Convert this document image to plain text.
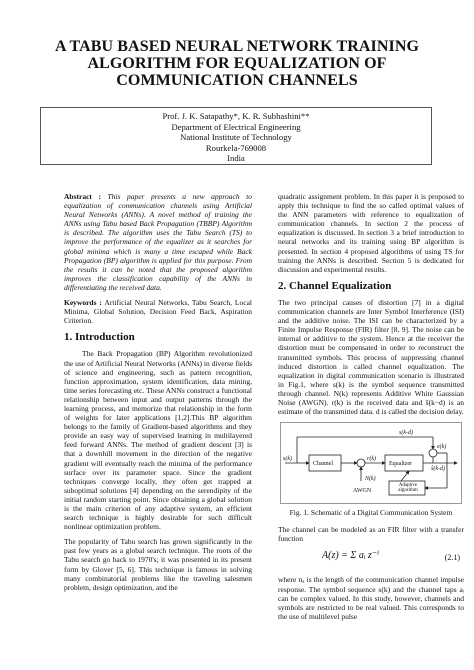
A TABU BASED NEURAL NETWORK TRAINING ALGORITHM FOR EQUALIZATION OF COMMUNICATION CHANNELS
Prof. J. K. Satapathy*, K. R. Subhashini**
Department of Electrical Engineering
National Institute of Technology
Rourkela-769008
India

Abstract : This paper presents a new approach to equalization of communication channels using Artificial Neural Networks (ANNs). A novel method of training the ANNs using Tabu based Back Propagation (TBBP) Algorithm is described. The algorithm uses the Tabu Search (TS) to improve the performance of the equalizer as it searches for global minima which is many a time escaped while Back Propagation (BP) algorithm is applied for this purpose. From the results it can be noted that the proposed algorithm improves the classification capability of the ANNs in differentiating the received data.

Keywords : Artificial Neural Networks, Tabu Search, Local Minima, Global Solution, Decision Feed Back, Aspiration Criterion.

1. Introduction

The Back Propagation (BP) Algorithm revolutionized the use of Artificial Neural Networks (ANNs) in diverse fields of science and engineering, such as pattern recognition, function approximation, system identification, data mining, time series forecasting etc. These ANNs construct a functional relationship between input and output patterns through the learning process, and memorize that relationship in the form of weights for later applications [1,2].This BP algorithm belongs to the family of Gradient-based algorithms and they provide an easy way of supervised learning in multilayered feed forward ANNs. The method of gradient descent [3] is that a downhill movement in the direction of the negative gradient will eventually reach the minima of the performance surface over its parameter space. Since the gradient techniques converge locally, they often get trapped at suboptimal solutions [4] depending on the serendipity of the initial random starting point. Since obtaining a global solution is the main criterion of any adaptive system, an efficient search technique is highly desirable for such difficult nonlinear optimization problem.

The popularity of Tabu search has grown significantly in the past few years as a global search technique. The roots of the Tabu search go back to 1970's; it was presented in its present form by Glover [5, 6]. This technique is famous in solving many combinatorial problems like the traveling salesmen problem, design optimization, and the

quadratic assignment problem. In this paper it is proposed to apply this technique to find the so called optimal values of the ANN parameters with reference to equalization of communication channels. In section 2 the process of equalization is discussed. In section 3 a brief introduction to neural networks and its training using BP algorithm is presented. In section 4 proposed algorithms of using TS for training the ANNs is described. Section 5 is dedicated for discussion and experimental results.

2. Channel Equalization

The two principal causes of distortion [7] in a digital communication channels are Inter Symbol Interference (ISI) and the additive noise. The ISI can be characterized by a Finite Impulse Response (FIR) filter [8, 9]. The noise can be internal or additive to the system. Hence at the receiver the distortion must be compensated in order to reconstruct the transmitted symbols. This process of suppressing channel induced distortion is called channel equalization. The equalization in digital communication scenario is illustrated in Fig.1, where s(k) is the symbol sequence transmitted through channel. N(k) represents Additive White Gaussian Noise (AWGN). r(k) is the received data and ŝ(k−d) is an estimate of the transmitted data. d is called the decision delay.

s(k)
Channel
r(k)
N(k)
AWGN
Equalizer
s(k-d)
ŝ(k-d)
e(k)
Adaptive algorithm
Fig. 1. Schematic of a Digital Communication System

The channel can be modeled as an FIR filter with a transfer function

A(z) = Σ aᵢ z⁻ⁱ	(2.1)

where nₐ is the length of the communication channel impulse response. The symbol sequence s(k) and the channel taps aᵢ can be complex valued. In this study, however, channels and symbols are restricted to be real valued. This corresponds to the use of multilevel pulse
